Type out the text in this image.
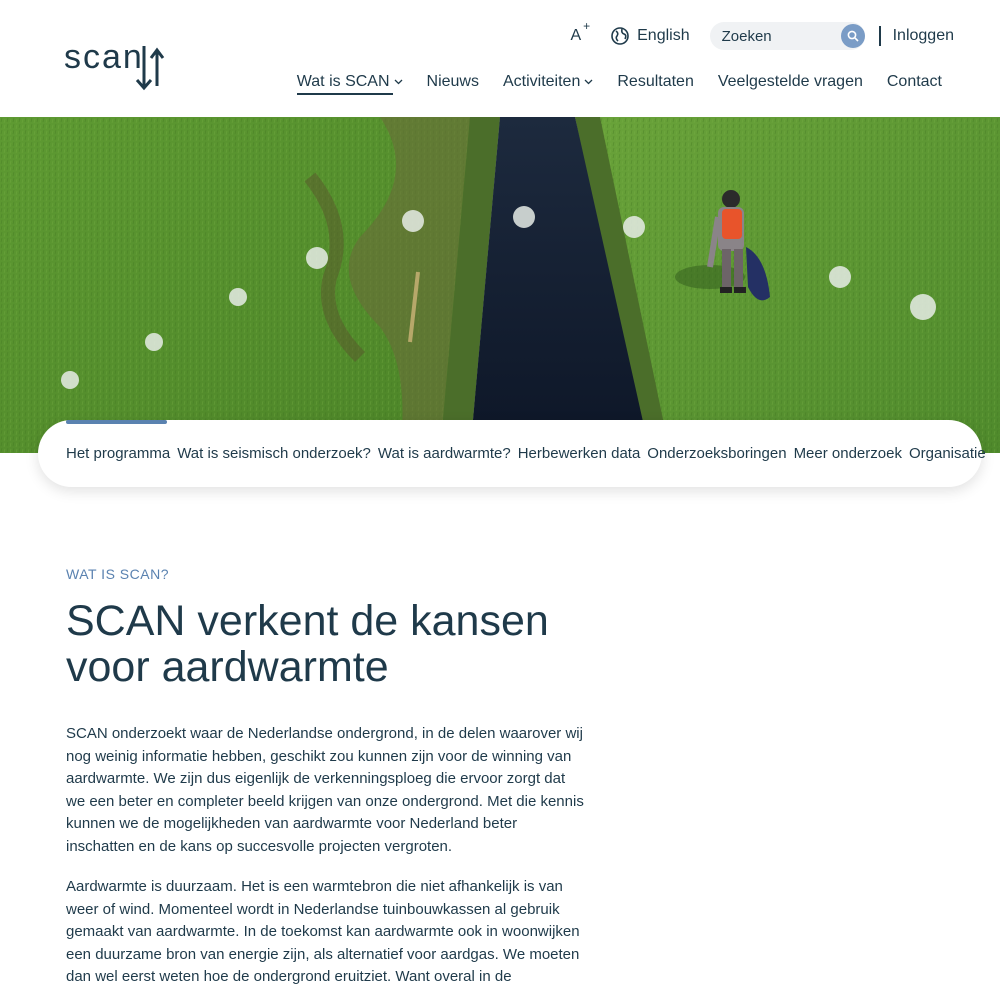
scan
A
+
English
Zoeken	Inloggen
Wat is SCAN Nieuws Activiteiten Resultaten Veelgestelde vragen Contact
Het programma Wat is seismisch onderzoek? Wat is aardwarmte? Herbewerken data Onderzoeksboringen Meer onderzoek Organisatie
WAT IS SCAN?
SCAN verkent de kansen voor aardwarmte

SCAN onderzoekt waar de Nederlandse ondergrond, in de delen waarover wij nog weinig informatie hebben, geschikt zou kunnen zijn voor de winning van aardwarmte. We zijn dus eigenlijk de verkenningsploeg die ervoor zorgt dat we een beter en completer beeld krijgen van onze ondergrond. Met die kennis kunnen we de mogelijkheden van aardwarmte voor Nederland beter inschatten en de kans op succesvolle projecten vergroten.

Aardwarmte is duurzaam. Het is een warmtebron die niet afhankelijk is van weer of wind. Momenteel wordt in Nederlandse tuinbouwkassen al gebruik gemaakt van aardwarmte. In de toekomst kan aardwarmte ook in woonwijken een duurzame bron van energie zijn, als alternatief voor aardgas. We moeten dan wel eerst weten hoe de ondergrond eruitziet. Want overal in de
